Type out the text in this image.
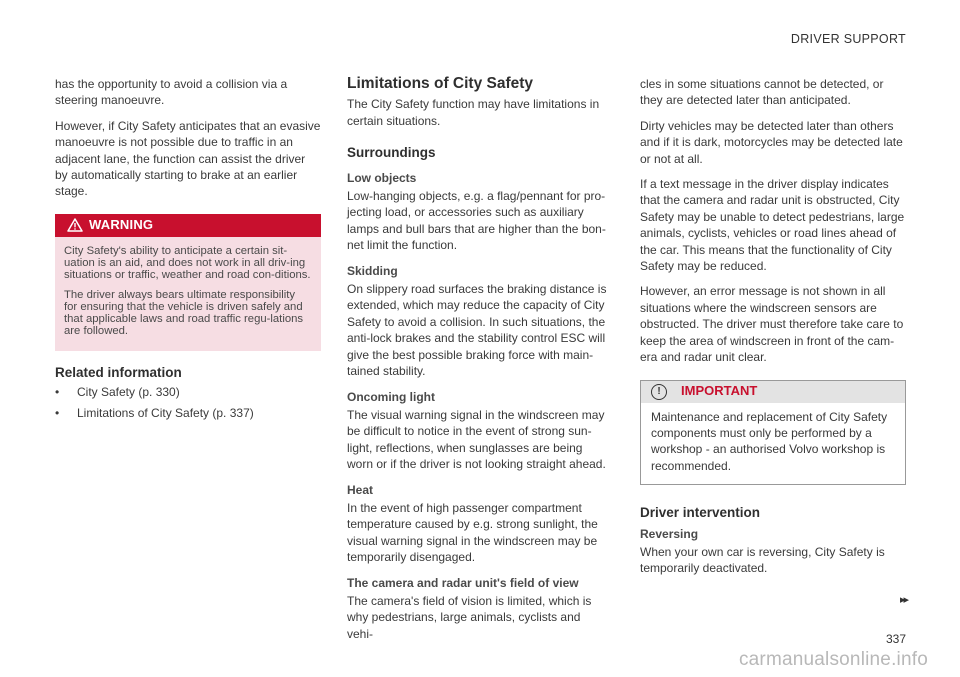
DRIVER SUPPORT

has the opportunity to avoid a collision via a steering manoeuvre.

However, if City Safety anticipates that an evasive manoeuvre is not possible due to traffic in an adjacent lane, the function can assist the driver by automatically starting to brake at an earlier stage.

WARNING

City Safety's ability to anticipate a certain sit-uation is an aid, and does not work in all driv-ing situations or traffic, weather and road con-ditions.

The driver always bears ultimate responsibility for ensuring that the vehicle is driven safely and that applicable laws and road traffic regu-lations are followed.

Related information
•	City Safety (p. 330)
•	Limitations of City Safety (p. 337)
Limitations of City Safety

The City Safety function may have limitations in certain situations.

Surroundings
Low objects

Low-hanging objects, e.g. a flag/pennant for pro-jecting load, or accessories such as auxiliary lamps and bull bars that are higher than the bon-net limit the function.

Skidding

On slippery road surfaces the braking distance is extended, which may reduce the capacity of City Safety to avoid a collision. In such situations, the anti-lock brakes and the stability control ESC will give the best possible braking force with main-tained stability.

Oncoming light

The visual warning signal in the windscreen may be difficult to notice in the event of strong sun-light, reflections, when sunglasses are being worn or if the driver is not looking straight ahead.

Heat

In the event of high passenger compartment temperature caused by e.g. strong sunlight, the visual warning signal in the windscreen may be temporarily disengaged.

The camera and radar unit's field of view

The camera's field of vision is limited, which is why pedestrians, large animals, cyclists and vehi-

cles in some situations cannot be detected, or they are detected later than anticipated.

Dirty vehicles may be detected later than others and if it is dark, motorcycles may be detected late or not at all.

If a text message in the driver display indicates that the camera and radar unit is obstructed, City Safety may be unable to detect pedestrians, large animals, cyclists, vehicles or road lines ahead of the car. This means that the functionality of City Safety may be reduced.

However, an error message is not shown in all situations where the windscreen sensors are obstructed. The driver must therefore take care to keep the area of windscreen in front of the cam-era and radar unit clear.

!	IMPORTANT
Maintenance and replacement of City Safety components must only be performed by a workshop - an authorised Volvo workshop is recommended.
Driver intervention
Reversing

When your own car is reversing, City Safety is temporarily deactivated.

▸▸
337
carmanualsonline.info
